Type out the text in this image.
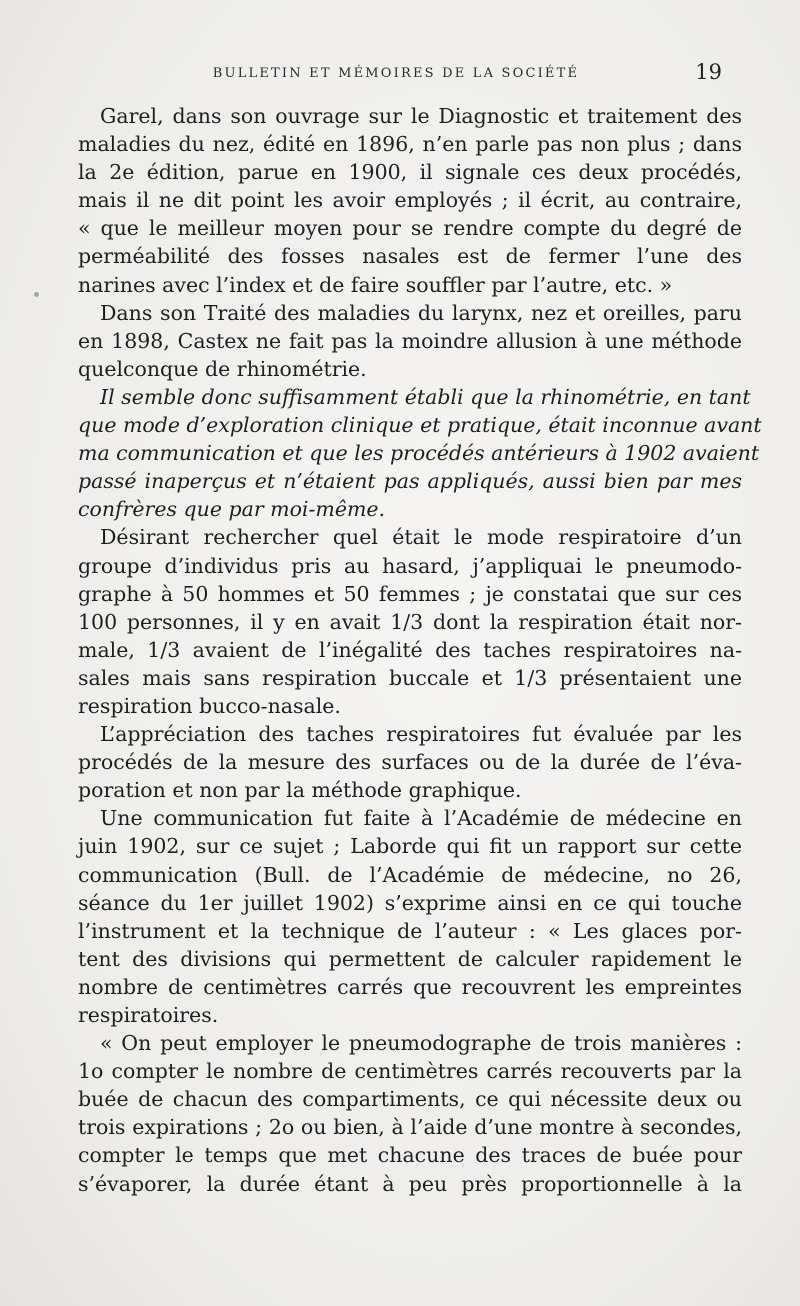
BULLETIN ET MÉMOIRES DE LA SOCIÉTÉ	19
Garel, dans son ouvrage sur le Diagnostic et traitement des
maladies du nez, édité en 1896, n’en parle pas non plus ; dans
la 2e édition, parue en 1900, il signale ces deux procédés,
mais il ne dit point les avoir employés ; il écrit, au contraire,
« que le meilleur moyen pour se rendre compte du degré de
perméabilité des fosses nasales est de fermer l’une des
narines avec l’index et de faire souffler par l’autre, etc. »
Dans son Traité des maladies du larynx, nez et oreilles, paru
en 1898, Castex ne fait pas la moindre allusion à une méthode
quelconque de rhinométrie.
Il semble donc suffisamment établi que la rhinométrie, en tant
que mode d’exploration clinique et pratique, était inconnue avant
ma communication et que les procédés antérieurs à 1902 avaient
passé inaperçus et n’étaient pas appliqués, aussi bien par mes
confrères que par moi-même.
Désirant rechercher quel était le mode respiratoire d’un
groupe d’individus pris au hasard, j’appliquai le pneumodo-
graphe à 50 hommes et 50 femmes ; je constatai que sur ces
100 personnes, il y en avait 1/3 dont la respiration était nor-
male, 1/3 avaient de l’inégalité des taches respiratoires na-
sales mais sans respiration buccale et 1/3 présentaient une
respiration bucco-nasale.
L’appréciation des taches respiratoires fut évaluée par les
procédés de la mesure des surfaces ou de la durée de l’éva-
poration et non par la méthode graphique.
Une communication fut faite à l’Académie de médecine en
juin 1902, sur ce sujet ; Laborde qui fit un rapport sur cette
communication (Bull. de l’Académie de médecine, no 26,
séance du 1er juillet 1902) s’exprime ainsi en ce qui touche
l’instrument et la technique de l’auteur : « Les glaces por-
tent des divisions qui permettent de calculer rapidement le
nombre de centimètres carrés que recouvrent les empreintes
respiratoires.
« On peut employer le pneumodographe de trois manières :
1o compter le nombre de centimètres carrés recouverts par la
buée de chacun des compartiments, ce qui nécessite deux ou
trois expirations ; 2o ou bien, à l’aide d’une montre à secondes,
compter le temps que met chacune des traces de buée pour
s’évaporer, la durée étant à peu près proportionnelle à la
